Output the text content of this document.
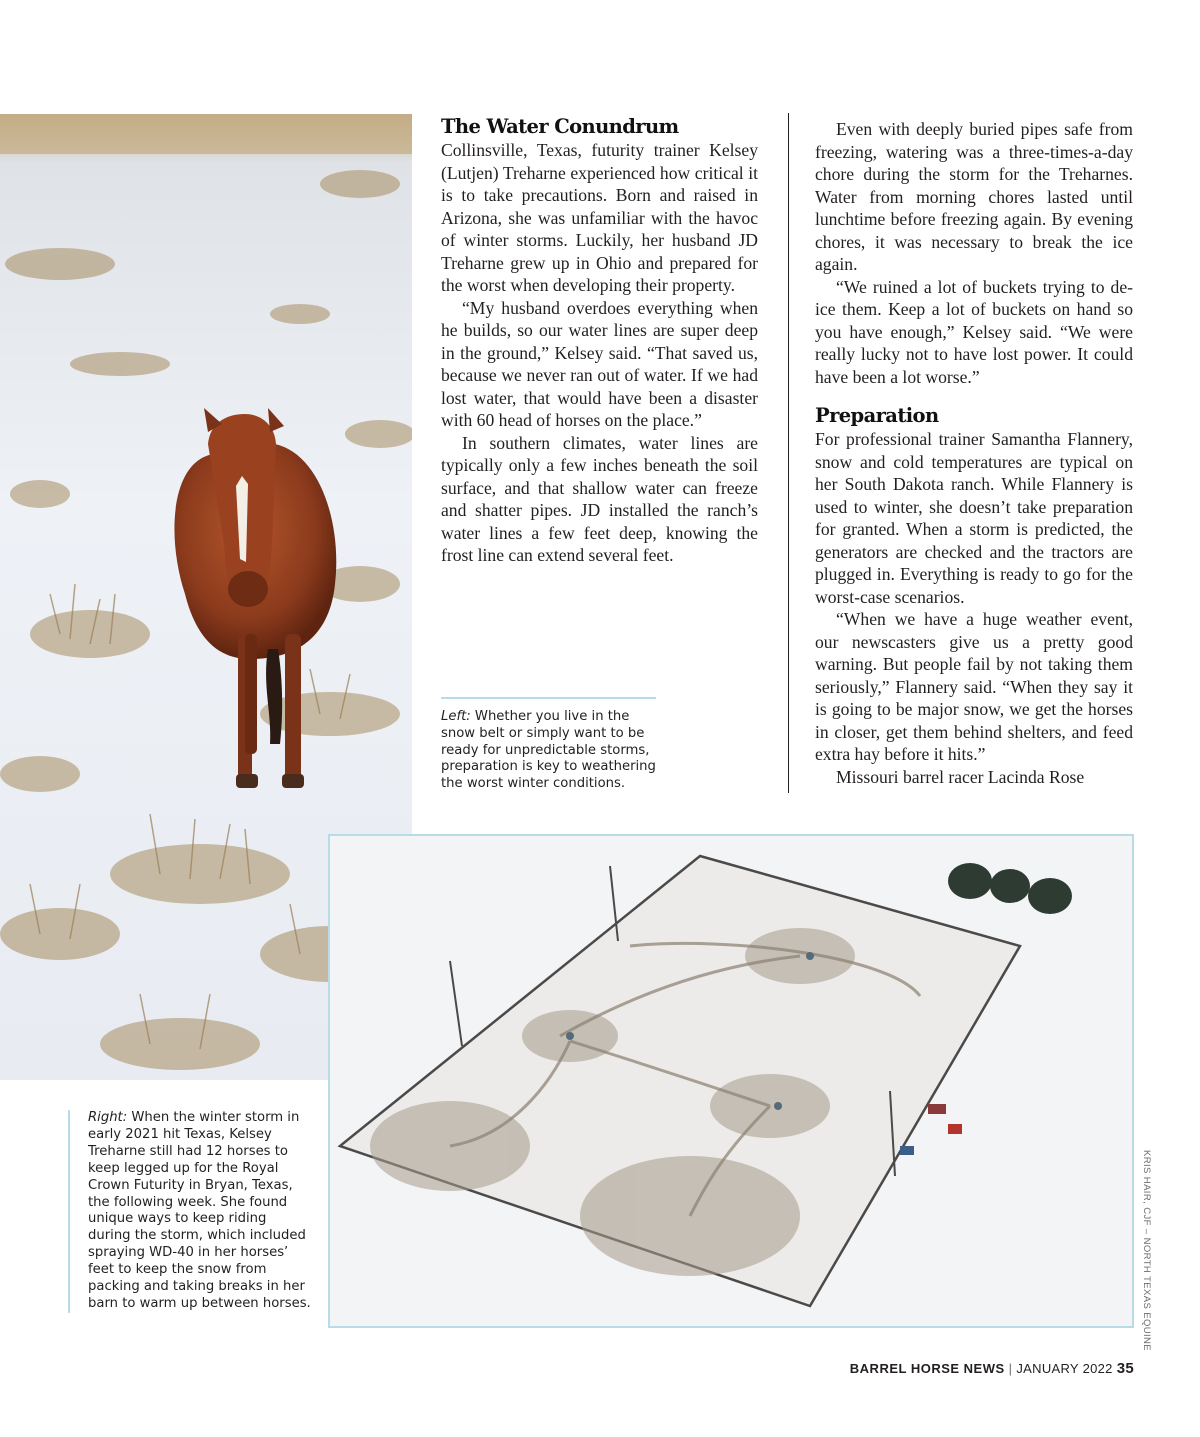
The Water Conundrum

Collinsville, Texas, futurity trainer Kelsey (Lutjen) Treharne experienced how critical it is to take precautions. Born and raised in Arizona, she was unfamiliar with the havoc of winter storms. Luckily, her husband JD Treharne grew up in Ohio and prepared for the worst when developing their property.

“My husband overdoes everything when he builds, so our water lines are super deep in the ground,” Kelsey said. “That saved us, because we never ran out of water. If we had lost water, that would have been a disaster with 60 head of horses on the place.”

In southern climates, water lines are typically only a few inches beneath the soil surface, and that shallow water can freeze and shatter pipes. JD installed the ranch’s water lines a few feet deep, knowing the frost line can extend several feet.

Even with deeply buried pipes safe from freezing, watering was a three-times-a-day chore during the storm for the Treharnes. Water from morning chores lasted until lunchtime before freezing again. By evening chores, it was necessary to break the ice again.

“We ruined a lot of buckets trying to de-ice them. Keep a lot of buckets on hand so you have enough,” Kelsey said. “We were really lucky not to have lost power. It could have been a lot worse.”

Preparation

For professional trainer Samantha Flannery, snow and cold temperatures are typical on her South Dakota ranch. While Flannery is used to winter, she doesn’t take preparation for granted. When a storm is predicted, the generators are checked and the tractors are plugged in. Everything is ready to go for the worst-case scenarios.

“When we have a huge weather event, our newscasters give us a pretty good warning. But people fail by not taking them seriously,” Flannery said. “When they say it is going to be major snow, we get the horses in closer, get them behind shelters, and feed extra hay before it hits.”

Missouri barrel racer Lacinda Rose

Left: Whether you live in the snow belt or simply want to be ready for unpredictable storms, preparation is key to weathering the worst winter conditions.
Right: When the winter storm in early 2021 hit Texas, Kelsey Treharne still had 12 horses to keep legged up for the Royal Crown Futurity in Bryan, Texas, the following week. She found unique ways to keep riding during the storm, which included spraying WD-40 in her horses’ feet to keep the snow from packing and taking breaks in her barn to warm up between horses.	KRIS HAIR, CJF – NORTH TEXAS EQUINE
BARREL HORSE NEWS | JANUARY 2022 35
